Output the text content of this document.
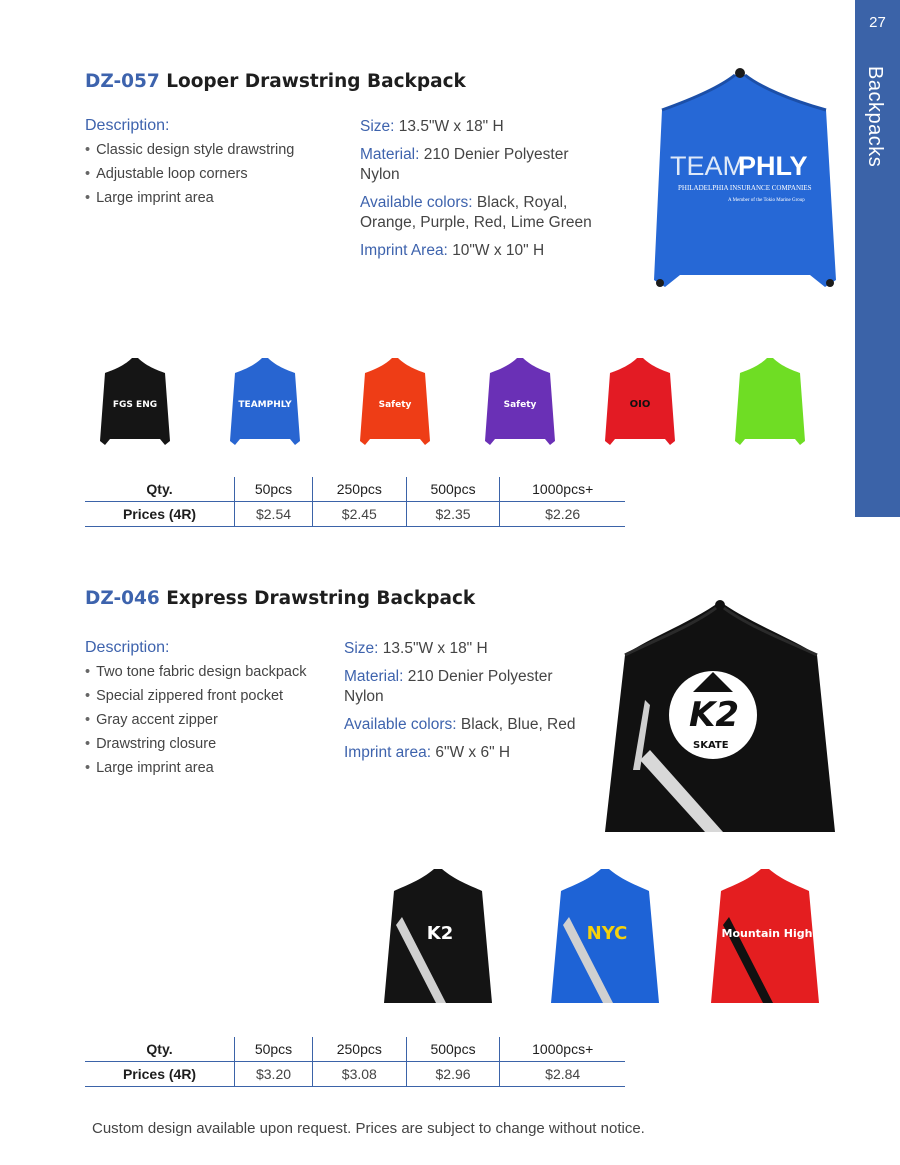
27
Backpacks
DZ-057 Looper Drawstring Backpack
Description:
• Classic design style drawstring
• Adjustable loop corners
• Large imprint area
Size: 13.5"W x 18" H
Material: 210 Denier Polyester Nylon
Available colors: Black, Royal, Orange, Purple, Red, Lime Green
Imprint Area: 10"W x 10" H
TEAM
PHLY
PHILADELPHIA INSURANCE COMPANIES
A Member of the Tokio Marine Group
FGS ENG	TEAMPHLY	Safety	Safety	OIO
Qty.	50pcs	250pcs	500pcs	1000pcs+
Prices (4R)	$2.54	$2.45	$2.35	$2.26
DZ-046 Express Drawstring Backpack
Description:
• Two tone fabric design backpack
• Special zippered front pocket
• Gray accent zipper
• Drawstring closure
• Large imprint area
Size: 13.5"W x 18" H
Material: 210 Denier Polyester Nylon
Available colors: Black, Blue, Red
Imprint area: 6"W x 6" H
K2
SKATE
K2	NYC	Mountain High
Qty.	50pcs	250pcs	500pcs	1000pcs+
Prices (4R)	$3.20	$3.08	$2.96	$2.84
Custom design available upon request. Prices are subject to change without notice.
